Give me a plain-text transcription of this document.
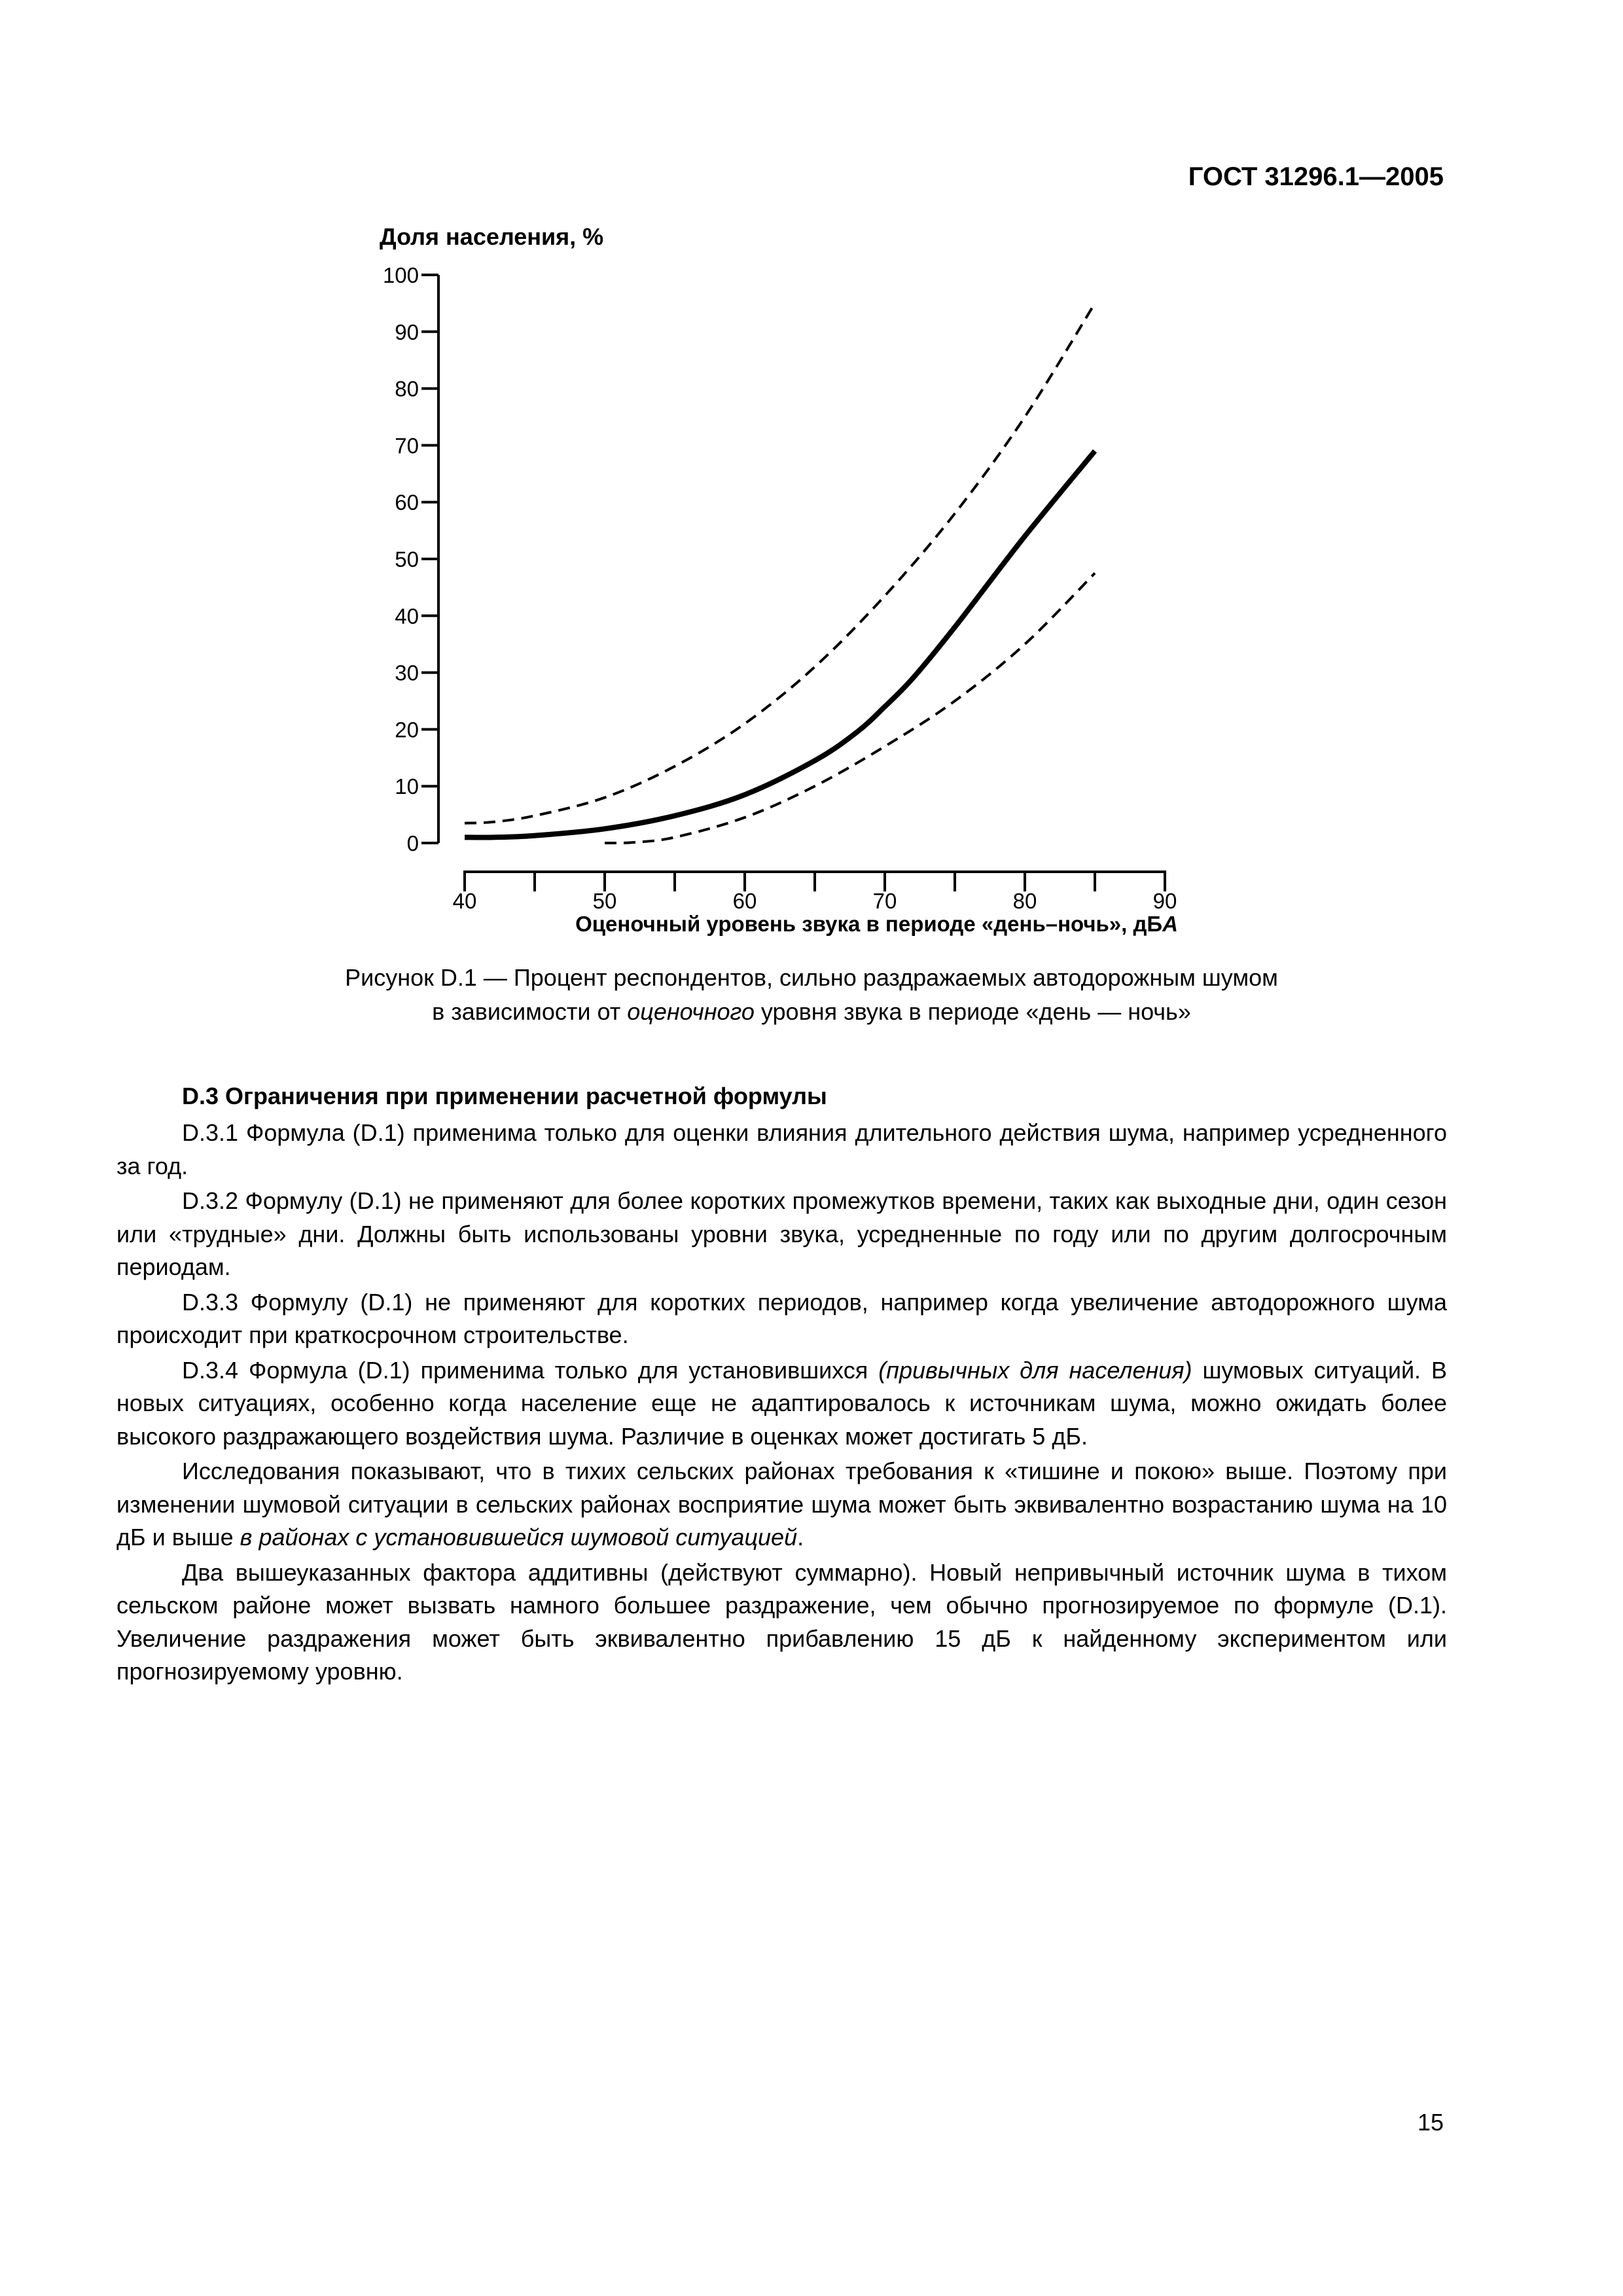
ГОСТ 31296.1—2005
Доля населения, %
0
10
20
30
40
50
60
70
80
90
100
40	50	60	70	80	90
Оценочный уровень звука в периоде «день–ночь», дБА
Рисунок D.1 — Процент респондентов, сильно раздражаемых автодорожным шумом
в зависимости от оценочного уровня звука в периоде «день — ночь»
D.3 Ограничения при применении расчетной формулы

D.3.1 Формула (D.1) применима только для оценки влияния длительного действия шума, например усредненного за год.

D.3.2 Формулу (D.1) не применяют для более коротких промежутков времени, таких как выходные дни, один сезон или «трудные» дни. Должны быть использованы уровни звука, усредненные по году или по другим долгосрочным периодам.

D.3.3 Формулу (D.1) не применяют для коротких периодов, например когда увеличение автодорожного шума происходит при краткосрочном строительстве.

D.3.4 Формула (D.1) применима только для установившихся (привычных для населения) шумовых ситуаций. В новых ситуациях, особенно когда население еще не адаптировалось к источникам шума, можно ожидать более высокого раздражающего воздействия шума. Различие в оценках может достигать 5 дБ.

Исследования показывают, что в тихих сельских районах требования к «тишине и покою» выше. Поэтому при изменении шумовой ситуации в сельских районах восприятие шума может быть эквивалентно возрастанию шума на 10 дБ и выше в районах с установившейся шумовой ситуацией.

Два вышеуказанных фактора аддитивны (действуют суммарно). Новый непривычный источник шума в тихом сельском районе может вызвать намного большее раздражение, чем обычно прогнозируемое по формуле (D.1). Увеличение раздражения может быть эквивалентно прибавлению 15 дБ к найденному экспериментом или прогнозируемому уровню.

15
